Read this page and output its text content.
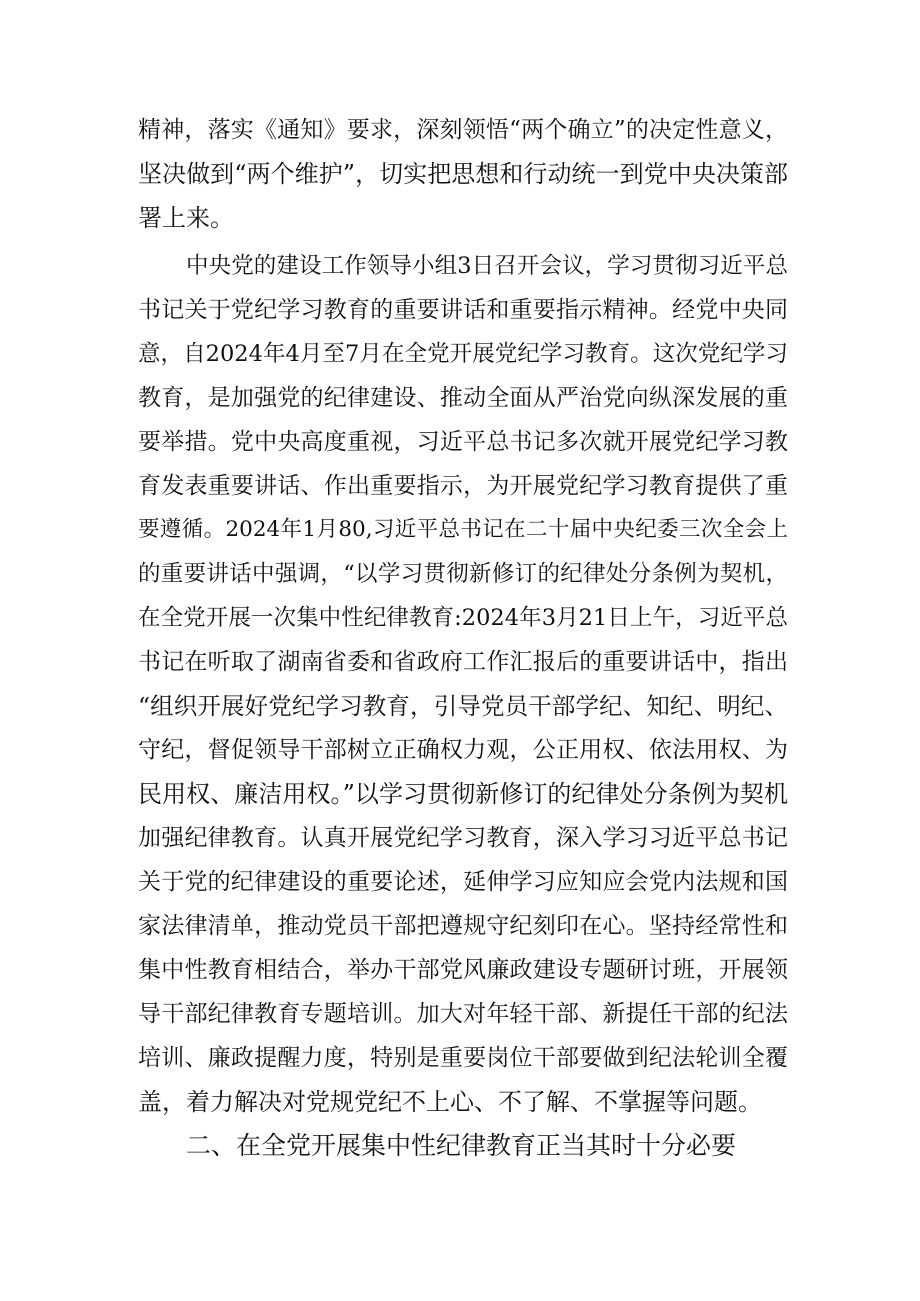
精神，落实《通知》要求，深刻领悟“两个确立”的决定性意义，
坚决做到“两个维护”，切实把思想和行动统一到党中央决策部
署上来。
中央党的建设工作领导小组3日召开会议，学习贯彻习近平总
书记关于党纪学习教育的重要讲话和重要指示精神。经党中央同
意，自2024年4月至7月在全党开展党纪学习教育。这次党纪学习
教育，是加强党的纪律建设、推动全面从严治党向纵深发展的重
要举措。党中央高度重视，习近平总书记多次就开展党纪学习教
育发表重要讲话、作出重要指示，为开展党纪学习教育提供了重
要遵循。2024年1月80,习近平总书记在二十届中央纪委三次全会上
的重要讲话中强调，“以学习贯彻新修订的纪律处分条例为契机，
在全党开展一次集中性纪律教育:2024年3月21日上午，习近平总
书记在听取了湖南省委和省政府工作汇报后的重要讲话中，指出
“组织开展好党纪学习教育，引导党员干部学纪、知纪、明纪、
守纪，督促领导干部树立正确权力观，公正用权、依法用权、为
民用权、廉洁用权。”以学习贯彻新修订的纪律处分条例为契机
加强纪律教育。认真开展党纪学习教育，深入学习习近平总书记
关于党的纪律建设的重要论述，延伸学习应知应会党内法规和国
家法律清单，推动党员干部把遵规守纪刻印在心。坚持经常性和
集中性教育相结合，举办干部党风廉政建设专题研讨班，开展领
导干部纪律教育专题培训。加大对年轻干部、新提任干部的纪法
培训、廉政提醒力度，特别是重要岗位干部要做到纪法轮训全覆
盖，着力解决对党规党纪不上心、不了解、不掌握等问题。
二、在全党开展集中性纪律教育正当其时十分必要
